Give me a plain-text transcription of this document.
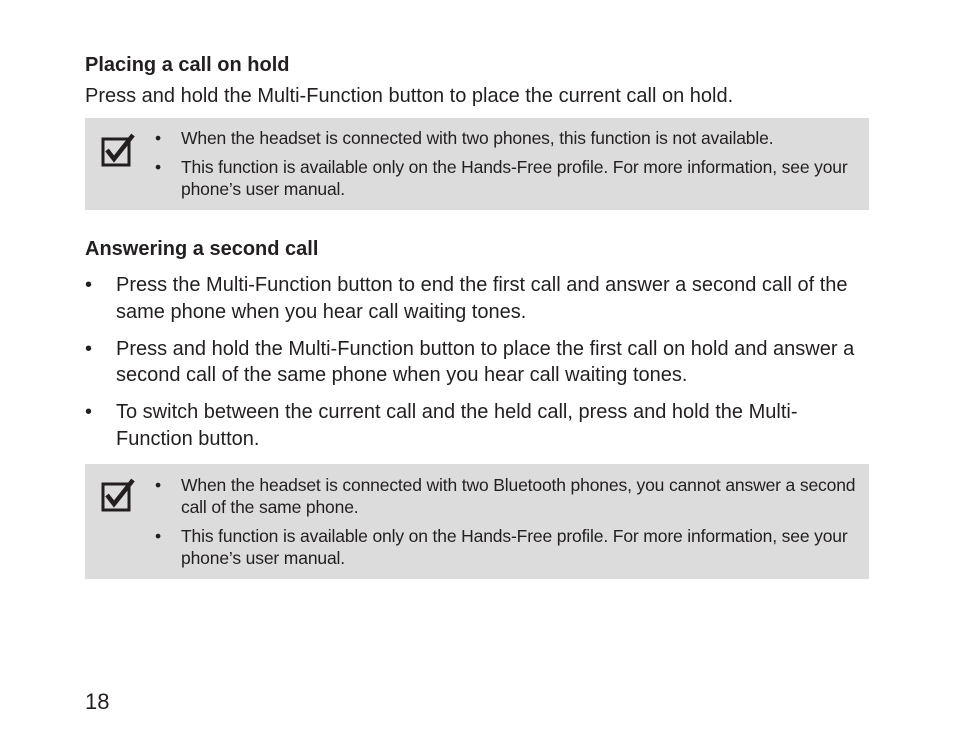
Placing a call on hold

Press and hold the Multi-Function button to place the current call on hold.

• When the headset is connected with two phones, this function is not available.
• This function is available only on the Hands-Free profile. For more information, see your phone’s user manual.
Answering a second call
• Press the Multi-Function button to end the first call and answer a second call of the same phone when you hear call waiting tones.
• Press and hold the Multi-Function button to place the first call on hold and answer a second call of the same phone when you hear call waiting tones.
• To switch between the current call and the held call, press and hold the Multi-Function button.
• When the headset is connected with two Bluetooth phones, you cannot answer a second call of the same phone.
• This function is available only on the Hands-Free profile. For more information, see your phone’s user manual.
18
